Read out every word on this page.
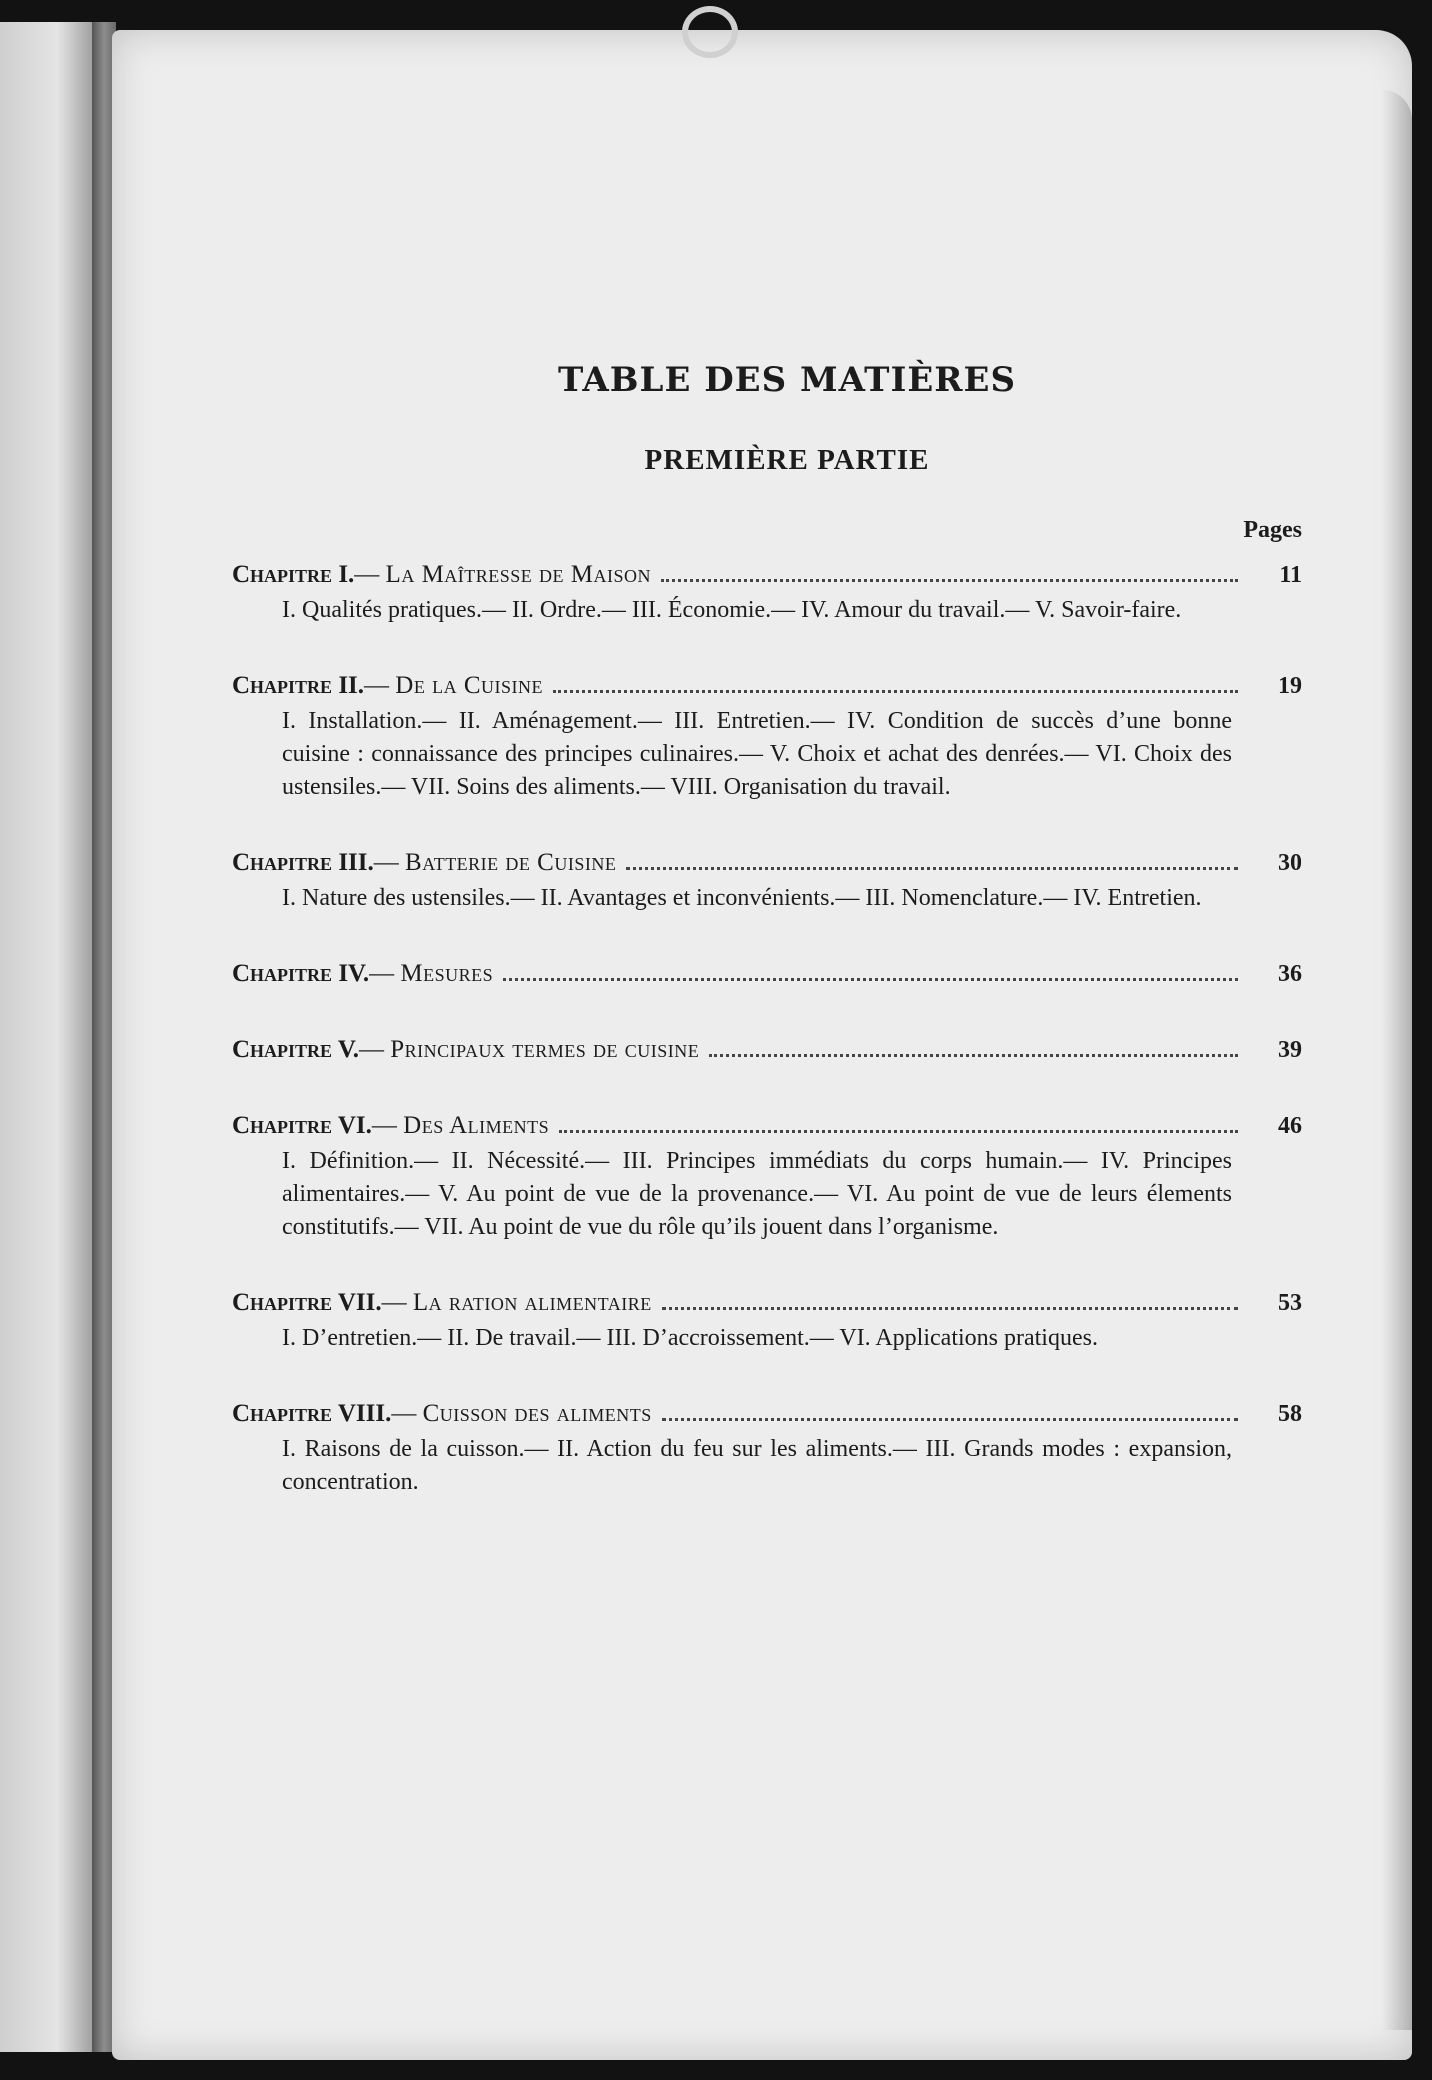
TABLE DES MATIÈRES
PREMIÈRE PARTIE
Pages
Chapitre I. — La Maîtresse de Maison	11
I. Qualités pratiques.— II. Ordre.— III. Économie.— IV. Amour du travail.— V. Savoir-faire.
Chapitre II. — De la Cuisine	19
I. Installation.— II. Aménagement.— III. Entretien.— IV. Condition de succès d’une bonne cuisine : connaissance des principes culinaires.— V. Choix et achat des denrées.— VI. Choix des ustensiles.— VII. Soins des aliments.— VIII. Organisation du travail.
Chapitre III. — Batterie de Cuisine	30
I. Nature des ustensiles.— II. Avantages et inconvénients.— III. Nomenclature.— IV. Entretien.
Chapitre IV. — Mesures	36
Chapitre V. — Principaux termes de cuisine	39
Chapitre VI. — Des Aliments	46
I. Définition.— II. Nécessité.— III. Principes immédiats du corps humain.— IV. Principes alimentaires.— V. Au point de vue de la provenance.— VI. Au point de vue de leurs élements constitutifs.— VII. Au point de vue du rôle qu’ils jouent dans l’organisme.
Chapitre VII. — La ration alimentaire	53
I. D’entretien.— II. De travail.— III. D’accroissement.— VI. Applications pratiques.
Chapitre VIII. — Cuisson des aliments	58
I. Raisons de la cuisson.— II. Action du feu sur les aliments.— III. Grands modes : expansion, concentration.
